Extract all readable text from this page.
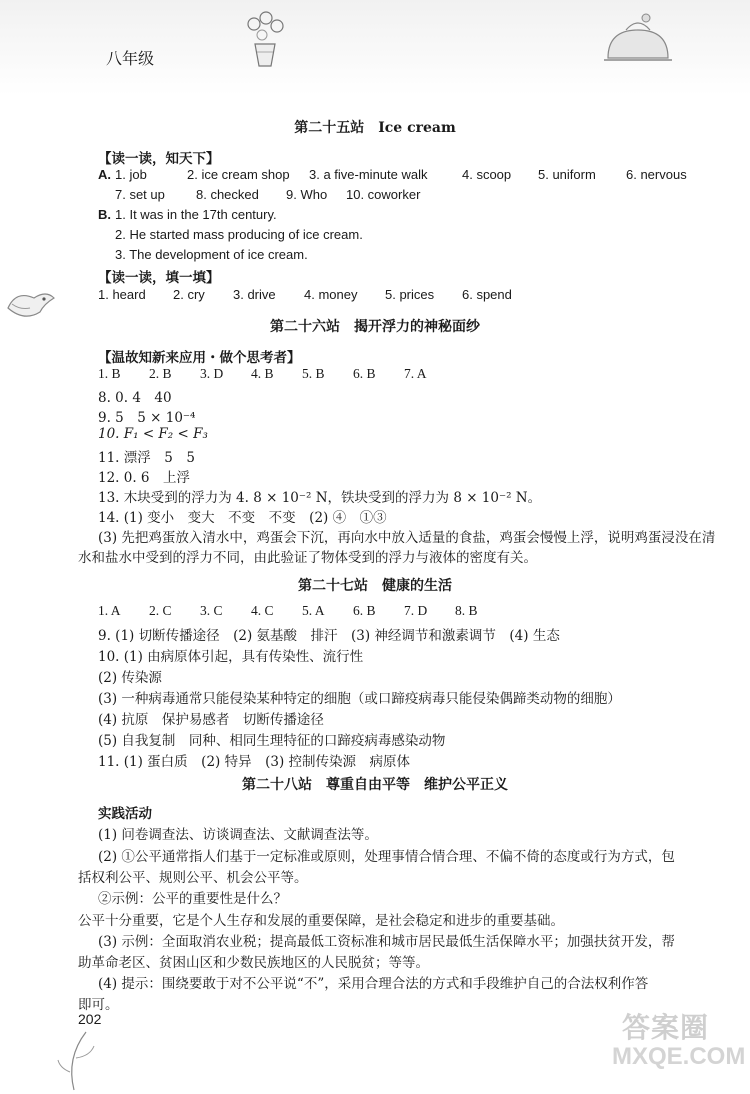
八年级
第二十五站　Ice cream
【读一读，知天下】
A. 1. job	2. ice cream shop 3. a five-minute walk	4. scoop 5. uniform 6. nervous
7. set up 8. checked 9. Who 10. coworker
B. 1. It was in the 17th century.
2. He started mass producing of ice cream.
3. The development of ice cream.
【读一读，填一填】
1. heard 2. cry 3. drive 4. money 5. prices 6. spend
第二十六站　揭开浮力的神秘面纱
【温故知新来应用・做个思考者】
1. B 2. B 3. D 4. B 5. B 6. B 7. A
8. 0. 4　40
9. 5　5 × 10⁻⁴
10. F₁ < F₂ < F₃
11. 漂浮　5　5
12. 0. 6　上浮
13. 木块受到的浮力为 4. 8 × 10⁻² N，铁块受到的浮力为 8 × 10⁻² N。
14. (1) 变小　变大　不变　不变　(2) ④　①③
(3) 先把鸡蛋放入清水中，鸡蛋会下沉，再向水中放入适量的食盐，鸡蛋会慢慢上浮，说明鸡蛋浸没在清
水和盐水中受到的浮力不同，由此验证了物体受到的浮力与液体的密度有关。
第二十七站　健康的生活
1. A 2. C 3. C 4. C 5. A 6. B 7. D 8. B
9. (1) 切断传播途径　(2) 氨基酸　排汗　(3) 神经调节和激素调节　(4) 生态
10. (1) 由病原体引起，具有传染性、流行性
(2) 传染源
(3) 一种病毒通常只能侵染某种特定的细胞（或口蹄疫病毒只能侵染偶蹄类动物的细胞）
(4) 抗原　保护易感者　切断传播途径
(5) 自我复制　同种、相同生理特征的口蹄疫病毒感染动物
11. (1) 蛋白质　(2) 特异　(3) 控制传染源　病原体
第二十八站　尊重自由平等　维护公平正义
实践活动
(1) 问卷调查法、访谈调查法、文献调查法等。
(2) ①公平通常指人们基于一定标准或原则，处理事情合情合理、不偏不倚的态度或行为方式，包
括权利公平、规则公平、机会公平等。
②示例：公平的重要性是什么？
公平十分重要，它是个人生存和发展的重要保障，是社会稳定和进步的重要基础。
(3) 示例：全面取消农业税；提高最低工资标准和城市居民最低生活保障水平；加强扶贫开发，帮
助革命老区、贫困山区和少数民族地区的人民脱贫；等等。
(4) 提示：围绕要敢于对不公平说“不”，采用合理合法的方式和手段维护自己的合法权利作答
即可。
202	答案圈
MXQE.COM
